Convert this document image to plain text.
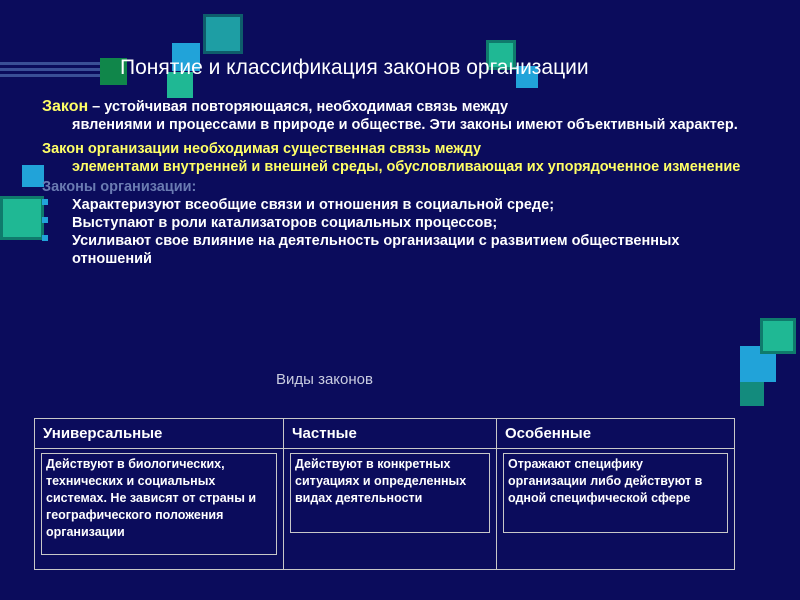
Понятие и классификация законов организации
Закон – устойчивая повторяющаяся, необходимая связь между
явлениями и процессами в природе и обществе. Эти законы имеют объективный характер.
Закон организации необходимая существенная связь между
элементами внутренней и внешней среды, обусловливающая их упорядоченное изменение
Законы организации:
Характеризуют всеобщие связи и отношения в социальной среде;
Выступают в роли катализаторов социальных процессов;
Усиливают свое влияние на деятельность организации с развитием общественных отношений
Виды законов
Универсальные	Частные	Особенные

Действуют в биологических, технических и социальных системах. Не зависят от страны и географического положения организации	Действуют в конкретных ситуациях и определенных видах деятельности	Отражают специфику организации либо действуют в одной специфической сфере
